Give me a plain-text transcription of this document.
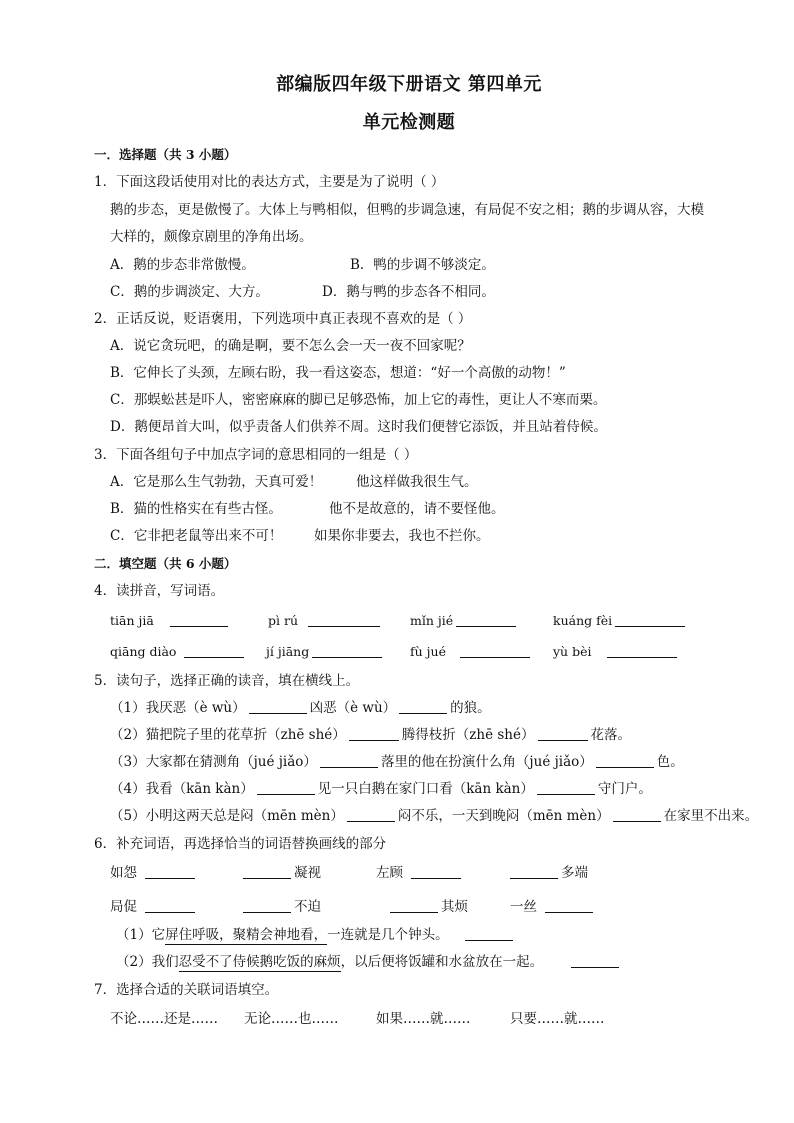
部编版四年级下册语文 第四单元
单元检测题
一．选择题（共 3 小题）
1．下面这段话使用对比的表达方式，主要是为了说明（ ）
鹅的步态，更是傲慢了。大体上与鸭相似，但鸭的步调急速，有局促不安之相；鹅的步调从容，大模
大样的，颇像京剧里的净角出场。
A．鹅的步态非常傲慢。	B．鸭的步调不够淡定。
C．鹅的步调淡定、大方。	D．鹅与鸭的步态各不相同。
2．正话反说，贬语褒用，下列选项中真正表现不喜欢的是（ ）
A．说它贪玩吧，的确是啊，要不怎么会一天一夜不回家呢？
B．它伸长了头颈，左顾右盼，我一看这姿态，想道：“好一个高傲的动物！”
C．那蜈蚣甚是吓人，密密麻麻的脚已足够恐怖，加上它的毒性，更让人不寒而栗。
D．鹅便昂首大叫，似乎责备人们供养不周。这时我们便替它添饭，并且站着侍候。
3．下面各组句子中加点字词的意思相同的一组是（ ）
A．它是那么生气勃勃，天真可爱！	他这样做我很生气。
B．猫的性格实在有些古怪。	他不是故意的，请不要怪他。
C．它非把老鼠等出来不可！ 如果你非要去，我也不拦你。
二．填空题（共 6 小题）
4．读拼音，写词语。
tiān jiā	pì rú	mǐn jié	kuáng fèi
qiāng diào	jí jiāng	fù jué	yù bèi
5．读句子，选择正确的读音，填在横线上。
（1）我厌恶（è wù）	凶恶（è wù）	的狼。
（2）猫把院子里的花草折（zhē shé）	腾得枝折（zhē shé）	花落。
（3）大家都在猜测角（jué jiǎo）	落里的他在扮演什么角（jué jiǎo）	色。
（4）我看（kān kàn）	见一只白鹅在家门口看（kān kàn）	守门户。
（5）小明这两天总是闷（mēn mèn）	闷不乐，一天到晚闷（mēn mèn）	在家里不出来。
6．补充词语，再选择恰当的词语替换画线的部分
如怨	凝视	左顾	多端
局促	不迫	其烦	一丝
（1）它屏住呼吸，聚精会神地看，一连就是几个钟头。
（2）我们忍受不了侍候鹅吃饭的麻烦，以后便将饭罐和水盆放在一起。
7．选择合适的关联词语填空。
不论……还是…… 无论……也……	如果……就……	只要……就……
